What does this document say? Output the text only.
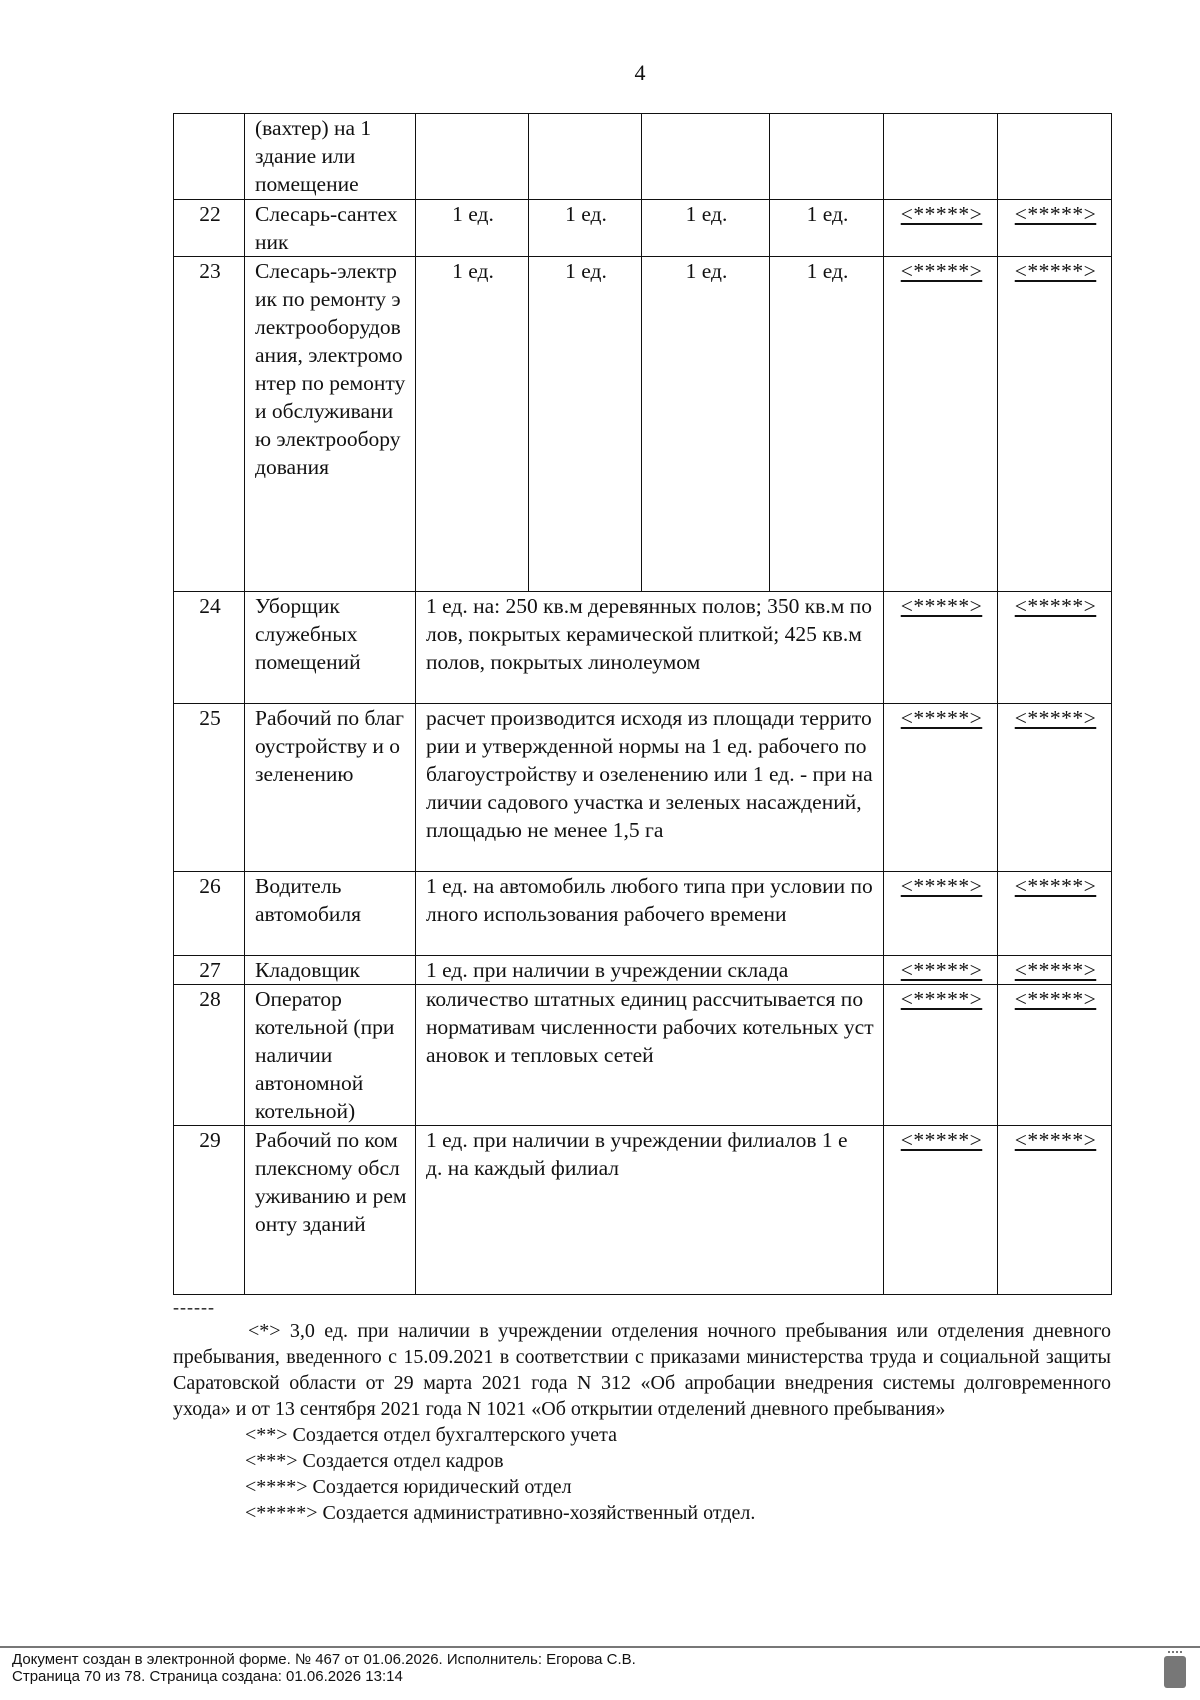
4
	(вахтер) на 1 здание или помещение						
22	Слесарь-сантехник	1 ед.	1 ед.	1 ед.	1 ед.	<*****>	<*****>
23	Слесарь-электрик по ремонту электрооборудования, электромонтер по ремонту и обслуживанию электрооборудования	1 ед.	1 ед.	1 ед.	1 ед.	<*****>	<*****>
24	Уборщик служебных помещений	1 ед. на: 250 кв.м деревянных полов; 350 кв.м полов, покрытых керамической плиткой; 425 кв.м полов, покрытых линолеумом				<*****>	<*****>
25	Рабочий по благоустройству и озеленению	расчет производится исходя из площади территории и утвержденной нормы на 1 ед. рабочего по благоустройству и озеленению или 1 ед. - при наличии садового участка и зеленых насаждений, площадью не менее 1,5 га				<*****>	<*****>
26	Водитель автомобиля	1 ед. на автомобиль любого типа при условии полного использования рабочего времени				<*****>	<*****>
27	Кладовщик	1 ед. при наличии в учреждении склада				<*****>	<*****>
28	Оператор котельной (при наличии автономной котельной)	количество штатных единиц рассчитывается по нормативам численности рабочих котельных установок и тепловых сетей				<*****>	<*****>
29	Рабочий по комплексному обслуживанию и ремонту зданий	1 ед. при наличии в учреждении филиалов 1 ед. на каждый филиал				<*****>	<*****>
------

<*> 3,0 ед. при наличии в учреждении отделения ночного пребывания или отделения дневного пребывания, введенного с 15.09.2021 в соответствии с приказами министерства труда и социальной защиты Саратовской области от 29 марта 2021 года N 312 «Об апробации внедрения системы долговременного ухода» и от 13 сентября 2021 года N 1021 «Об открытии отделений дневного пребывания»

<**> Создается отдел бухгалтерского учета

<***> Создается отдел кадров

<****> Создается юридический отдел

<*****> Создается административно-хозяйственный отдел.

Документ создан в электронной форме. № 467 от 01.06.2026. Исполнитель: Егорова С.В.
Страница 70 из 78. Страница создана: 01.06.2026 13:14
